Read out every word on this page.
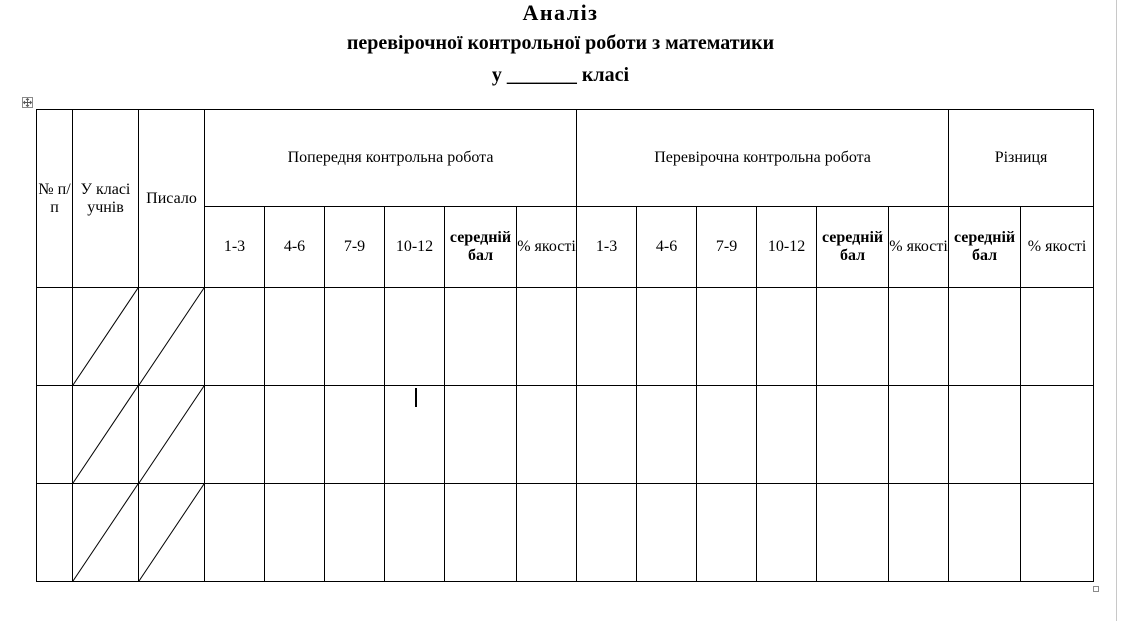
Аналіз
перевірочної контрольної роботи з математики
у _______ класі
№ п/п	У класі учнів	Писало	Попередня контрольна робота						Перевірочна контрольна робота						Різниця	
			1-3	4-6	7-9	10-12	середній бал	% якості	1-3	4-6	7-9	10-12	середній бал	% якості	середній бал	% якості
